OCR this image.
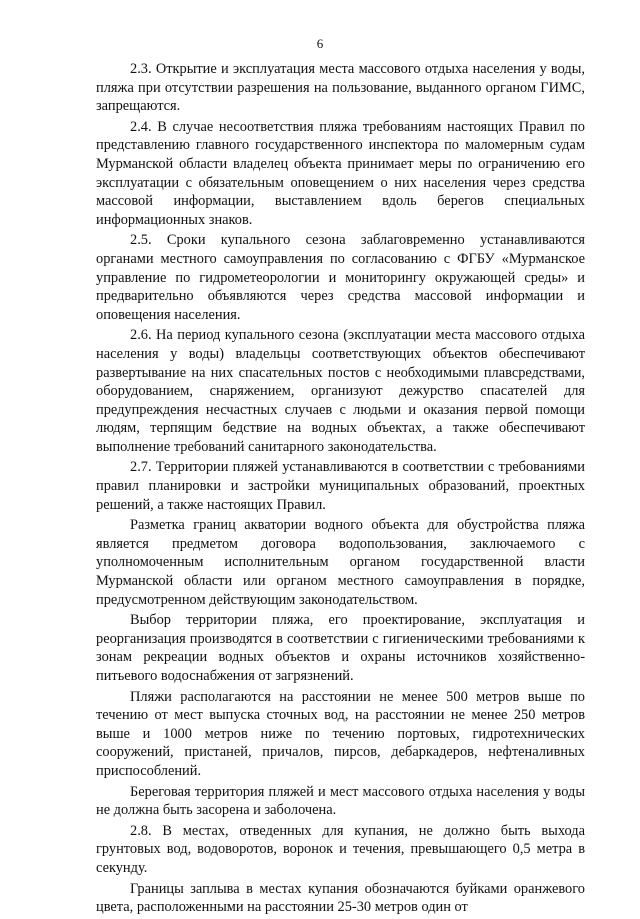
6

2.3. Открытие и эксплуатация места массового отдыха населения у воды, пляжа при отсутствии разрешения на пользование, выданного органом ГИМС, запрещаются.

2.4. В случае несоответствия пляжа требованиям настоящих Правил по представлению главного государственного инспектора по маломерным судам Мурманской области владелец объекта принимает меры по ограничению его эксплуатации с обязательным оповещением о них населения через средства массовой информации, выставлением вдоль берегов специальных информационных знаков.

2.5. Сроки купального сезона заблаговременно устанавливаются органами местного самоуправления по согласованию с ФГБУ «Мурманское управление по гидрометеорологии и мониторингу окружающей среды» и предварительно объявляются через средства массовой информации и оповещения населения.

2.6. На период купального сезона (эксплуатации места массового отдыха населения у воды) владельцы соответствующих объектов обеспечивают развертывание на них спасательных постов с необходимыми плавсредствами, оборудованием, снаряжением, организуют дежурство спасателей для предупреждения несчастных случаев с людьми и оказания первой помощи людям, терпящим бедствие на водных объектах, а также обеспечивают выполнение требований санитарного законодательства.

2.7. Территории пляжей устанавливаются в соответствии с требованиями правил планировки и застройки муниципальных образований, проектных решений, а также настоящих Правил.

Разметка границ акватории водного объекта для обустройства пляжа является предметом договора водопользования, заключаемого с уполномоченным исполнительным органом государственной власти Мурманской области или органом местного самоуправления в порядке, предусмотренном действующим законодательством.

Выбор территории пляжа, его проектирование, эксплуатация и реорганизация производятся в соответствии с гигиеническими требованиями к зонам рекреации водных объектов и охраны источников хозяйственно-питьевого водоснабжения от загрязнений.

Пляжи располагаются на расстоянии не менее 500 метров выше по течению от мест выпуска сточных вод, на расстоянии не менее 250 метров выше и 1000 метров ниже по течению портовых, гидротехнических сооружений, пристаней, причалов, пирсов, дебаркадеров, нефтеналивных приспособлений.

Береговая территория пляжей и мест массового отдыха населения у воды не должна быть засорена и заболочена.

2.8. В местах, отведенных для купания, не должно быть выхода грунтовых вод, водоворотов, воронок и течения, превышающего 0,5 метра в секунду.

Границы заплыва в местах купания обозначаются буйками оранжевого цвета, расположенными на расстоянии 25-30 метров один от
